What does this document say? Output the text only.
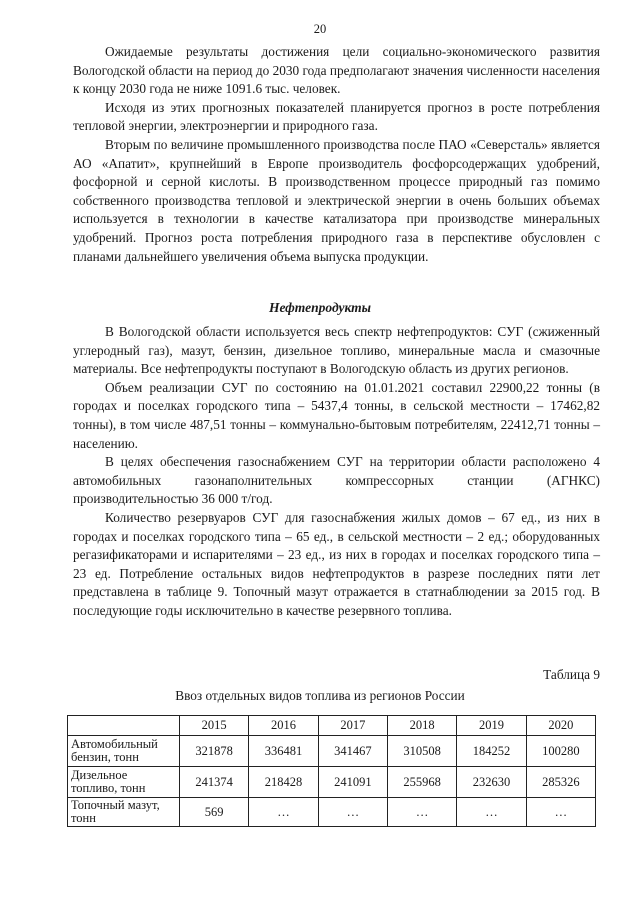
20

Ожидаемые результаты достижения цели социально-экономического развития Вологодской области на период до 2030 года предполагают значения численности населения к концу 2030 года не ниже 1091.6 тыс. человек.

Исходя из этих прогнозных показателей планируется прогноз в росте потребления тепловой энергии, электроэнергии и природного газа.

Вторым по величине промышленного производства после ПАО «Северсталь» является АО «Апатит», крупнейший в Европе производитель фосфорсодержащих удобрений, фосфорной и серной кислоты. В производственном процессе природный газ помимо собственного производства тепловой и электрической энергии в очень больших объемах используется в технологии в качестве катализатора при производстве минеральных удобрений. Прогноз роста потребления природного газа в перспективе обусловлен с планами дальнейшего увеличения объема выпуска продукции.

Нефтепродукты

В Вологодской области используется весь спектр нефтепродуктов: СУГ (сжиженный углеродный газ), мазут, бензин, дизельное топливо, минеральные масла и смазочные материалы. Все нефтепродукты поступают в Вологодскую область из других регионов.

Объем реализации СУГ по состоянию на 01.01.2021 составил 22900,22 тонны (в городах и поселках городского типа – 5437,4 тонны, в сельской местности – 17462,82 тонны), в том числе 487,51 тонны – коммунально-бытовым потребителям, 22412,71 тонны – населению.

В целях обеспечения газоснабжением СУГ на территории области расположено 4 автомобильных газонаполнительных компрессорных станции (АГНКС) производительностью 36 000 т/год.

Количество резервуаров СУГ для газоснабжения жилых домов – 67 ед., из них в городах и поселках городского типа – 65 ед., в сельской местности – 2 ед.; оборудованных регазификаторами и испарителями – 23 ед., из них в городах и поселках городского типа – 23 ед. Потребление остальных видов нефтепродуктов в разрезе последних пяти лет представлена в таблице 9. Топочный мазут отражается в статнаблюдении за 2015 год. В последующие годы исключительно в качестве резервного топлива.

Таблица 9
Ввоз отдельных видов топлива из регионов России
	2015	2016	2017	2018	2019	2020
Автомобильный бензин, тонн	321878	336481	341467	310508	184252	100280
Дизельное топливо, тонн	241374	218428	241091	255968	232630	285326
Топочный мазут, тонн	569	…	…	…	…	…
